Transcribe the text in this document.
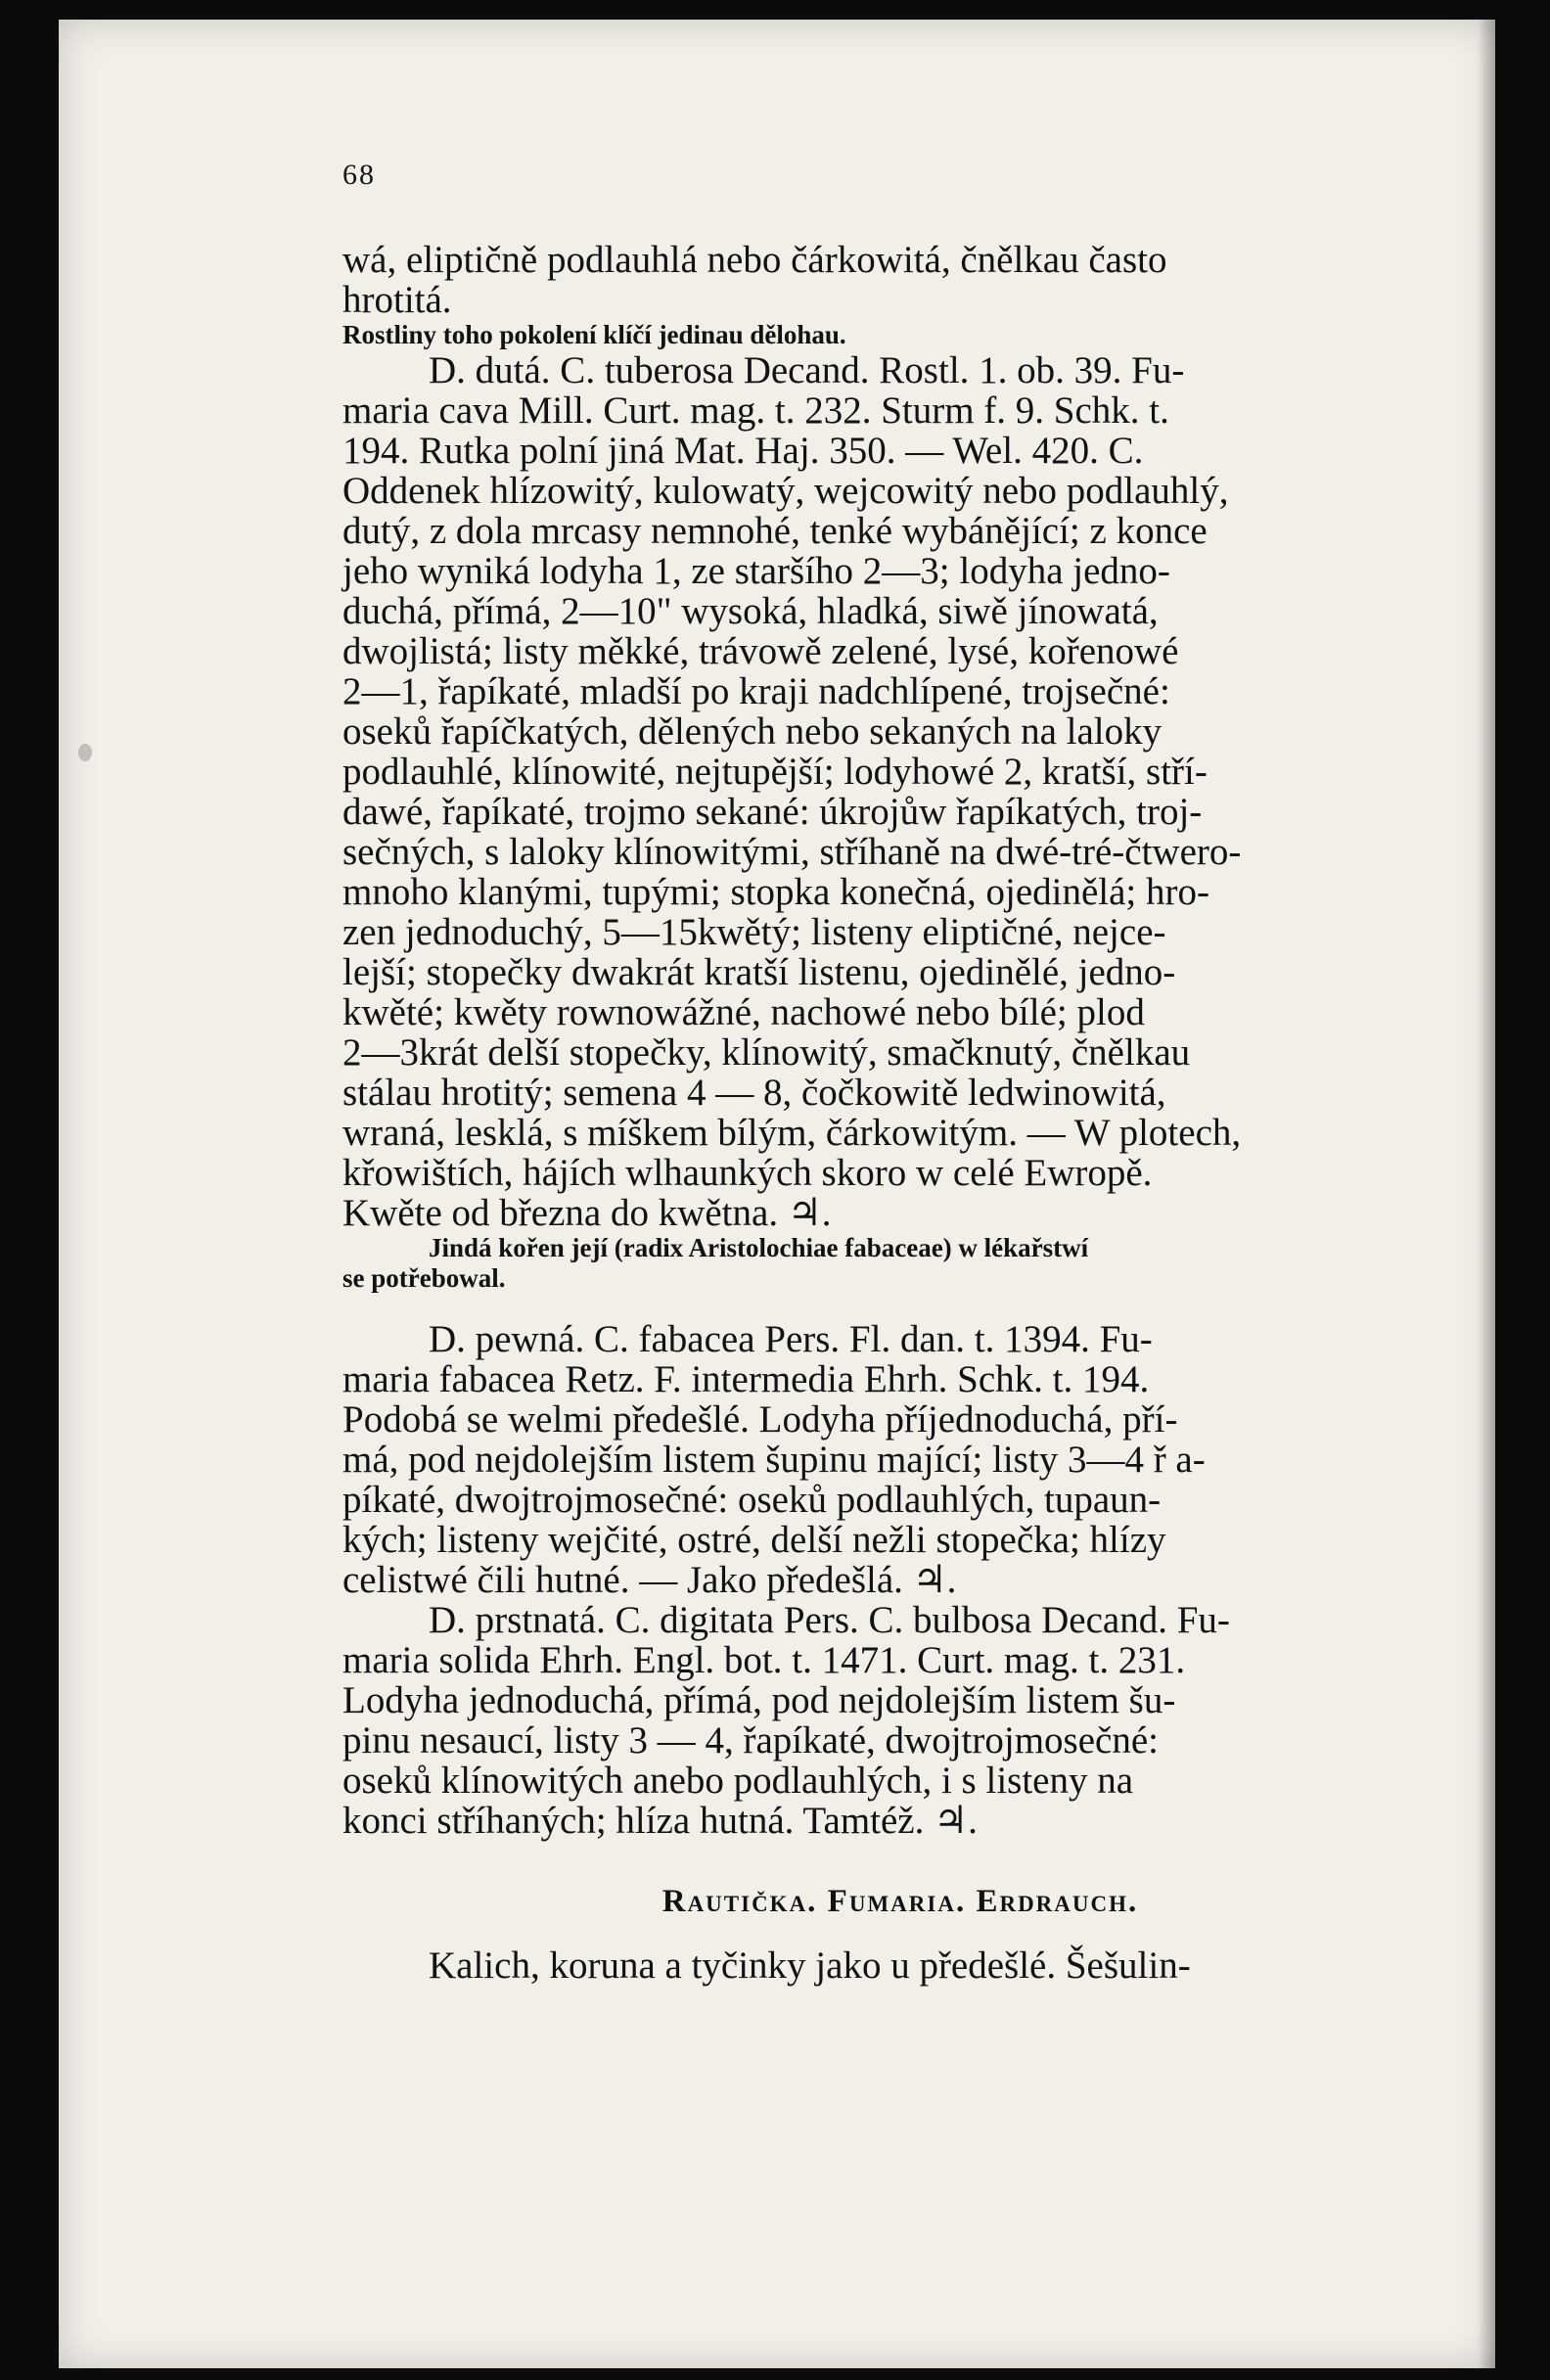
68

wá, eliptičně podlauhlá nebo čárkowitá, čnělkau často
hrotitá.

Rostliny toho pokolení klíčí jedinau dělohau.

D. dutá. C. tuberosa Decand. Rostl. 1. ob. 39. Fu-
maria cava Mill. Curt. mag. t. 232. Sturm f. 9. Schk. t.
194. Rutka polní jiná Mat. Haj. 350. — Wel. 420. C.
Oddenek hlízowitý, kulowatý, wejcowitý nebo podlauhlý,
dutý, z dola mrcasy nemnohé, tenké wybánějící; z konce
jeho wyniká lodyha 1, ze staršího 2—3; lodyha jedno-
duchá, přímá, 2—10" wysoká, hladká, siwě jínowatá,
dwojlistá; listy měkké, trávowě zelené, lysé, kořenowé
2—1, řapíkaté, mladší po kraji nadchlípené, trojsečné:
oseků řapíčkatých, dělených nebo sekaných na laloky
podlauhlé, klínowité, nejtupější; lodyhowé 2, kratší, stří-
dawé, řapíkaté, trojmo sekané: úkrojůw řapíkatých, troj-
sečných, s laloky klínowitými, stříhaně na dwé-tré-čtwero-
mnoho klanými, tupými; stopka konečná, ojedinělá; hro-
zen jednoduchý, 5—15kwětý; listeny eliptičné, nejce-
lejší; stopečky dwakrát kratší listenu, ojedinělé, jedno-
kwěté; kwěty rownowážné, nachowé nebo bílé; plod
2—3krát delší stopečky, klínowitý, smačknutý, čnělkau
stálau hrotitý; semena 4 — 8, čočkowitě ledwinowitá,
wraná, lesklá, s míškem bílým, čárkowitým. — W plotech,
křowištích, hájích wlhaunkých skoro w celé Ewropě.
Kwěte od března do kwětna. ♃.

Jindá kořen její (radix Aristolochiae fabaceae) w lékařstwí
se potřebowal.

D. pewná. C. fabacea Pers. Fl. dan. t. 1394. Fu-
maria fabacea Retz. F. intermedia Ehrh. Schk. t. 194.
Podobá se welmi předešlé. Lodyha příjednoduchá, pří-
má, pod nejdolejším listem šupinu mající; listy 3—4 ř a-
píkaté, dwojtrojmosečné: oseků podlauhlých, tupaun-
kých; listeny wejčité, ostré, delší nežli stopečka; hlízy
celistwé čili hutné. — Jako předešlá. ♃.

D. prstnatá. C. digitata Pers. C. bulbosa Decand. Fu-
maria solida Ehrh. Engl. bot. t. 1471. Curt. mag. t. 231.
Lodyha jednoduchá, přímá, pod nejdolejším listem šu-
pinu nesaucí, listy 3 — 4, řapíkaté, dwojtrojmosečné:
oseků klínowitých anebo podlauhlých, i s listeny na
konci stříhaných; hlíza hutná. Tamtéž. ♃.

Rautička. Fumaria. Erdrauch.

Kalich, koruna a tyčinky jako u předešlé. Šešulin-
